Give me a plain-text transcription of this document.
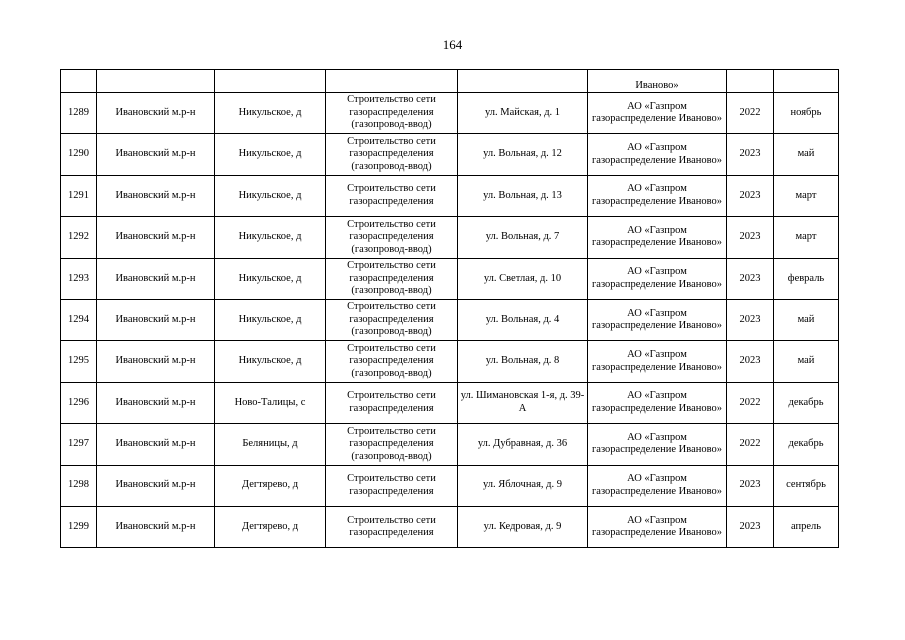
164
					Иваново»		
1289	Ивановский м.р-н	Никульское, д	Строительство сети газораспределения (газопровод-ввод)	ул. Майская, д. 1	АО «Газпром газораспределение Иваново»	2022	ноябрь
1290	Ивановский м.р-н	Никульское, д	Строительство сети газораспределения (газопровод-ввод)	ул. Вольная, д. 12	АО «Газпром газораспределение Иваново»	2023	май
1291	Ивановский м.р-н	Никульское, д	Строительство сети газораспределения	ул. Вольная, д. 13	АО «Газпром газораспределение Иваново»	2023	март
1292	Ивановский м.р-н	Никульское, д	Строительство сети газораспределения (газопровод-ввод)	ул. Вольная, д. 7	АО «Газпром газораспределение Иваново»	2023	март
1293	Ивановский м.р-н	Никульское, д	Строительство сети газораспределения (газопровод-ввод)	ул. Светлая, д. 10	АО «Газпром газораспределение Иваново»	2023	февраль
1294	Ивановский м.р-н	Никульское, д	Строительство сети газораспределения (газопровод-ввод)	ул. Вольная, д. 4	АО «Газпром газораспределение Иваново»	2023	май
1295	Ивановский м.р-н	Никульское, д	Строительство сети газораспределения (газопровод-ввод)	ул. Вольная, д. 8	АО «Газпром газораспределение Иваново»	2023	май
1296	Ивановский м.р-н	Ново-Талицы, с	Строительство сети газораспределения	ул. Шимановская 1-я, д. 39-А	АО «Газпром газораспределение Иваново»	2022	декабрь
1297	Ивановский м.р-н	Беляницы, д	Строительство сети газораспределения (газопровод-ввод)	ул. Дубравная, д. 36	АО «Газпром газораспределение Иваново»	2022	декабрь
1298	Ивановский м.р-н	Дегтярево, д	Строительство сети газораспределения	ул. Яблочная, д. 9	АО «Газпром газораспределение Иваново»	2023	сентябрь
1299	Ивановский м.р-н	Дегтярево, д	Строительство сети газораспределения	ул. Кедровая, д. 9	АО «Газпром газораспределение Иваново»	2023	апрель
